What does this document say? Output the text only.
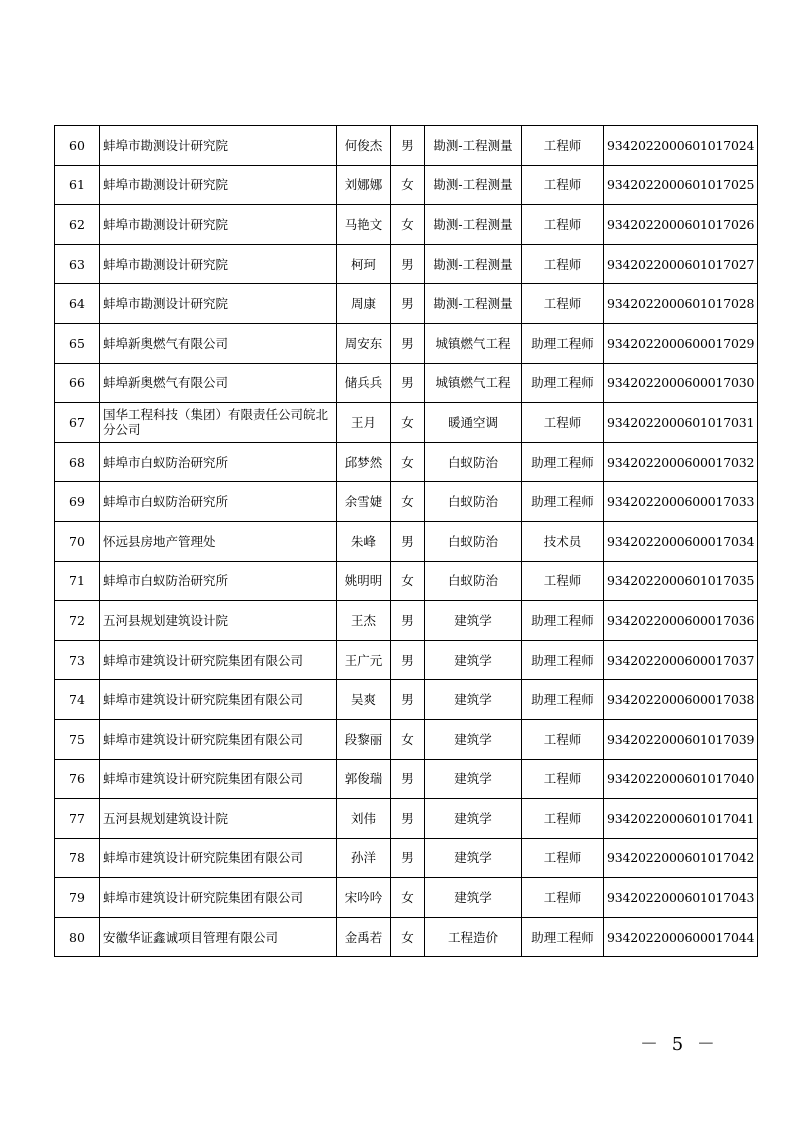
60	蚌埠市勘测设计研究院	何俊杰	男	勘测-工程测量	工程师	9342022000601017024
61	蚌埠市勘测设计研究院	刘娜娜	女	勘测-工程测量	工程师	9342022000601017025
62	蚌埠市勘测设计研究院	马艳文	女	勘测-工程测量	工程师	9342022000601017026
63	蚌埠市勘测设计研究院	柯珂	男	勘测-工程测量	工程师	9342022000601017027
64	蚌埠市勘测设计研究院	周康	男	勘测-工程测量	工程师	9342022000601017028
65	蚌埠新奥燃气有限公司	周安东	男	城镇燃气工程	助理工程师	9342022000600017029
66	蚌埠新奥燃气有限公司	储兵兵	男	城镇燃气工程	助理工程师	9342022000600017030
67	国华工程科技（集团）有限责任公司皖北分公司	王月	女	暖通空调	工程师	9342022000601017031
68	蚌埠市白蚁防治研究所	邱梦然	女	白蚁防治	助理工程师	9342022000600017032
69	蚌埠市白蚁防治研究所	余雪婕	女	白蚁防治	助理工程师	9342022000600017033
70	怀远县房地产管理处	朱峰	男	白蚁防治	技术员	9342022000600017034
71	蚌埠市白蚁防治研究所	姚明明	女	白蚁防治	工程师	9342022000601017035
72	五河县规划建筑设计院	王杰	男	建筑学	助理工程师	9342022000600017036
73	蚌埠市建筑设计研究院集团有限公司	王广元	男	建筑学	助理工程师	9342022000600017037
74	蚌埠市建筑设计研究院集团有限公司	吴爽	男	建筑学	助理工程师	9342022000600017038
75	蚌埠市建筑设计研究院集团有限公司	段黎丽	女	建筑学	工程师	9342022000601017039
76	蚌埠市建筑设计研究院集团有限公司	郭俊瑞	男	建筑学	工程师	9342022000601017040
77	五河县规划建筑设计院	刘伟	男	建筑学	工程师	9342022000601017041
78	蚌埠市建筑设计研究院集团有限公司	孙洋	男	建筑学	工程师	9342022000601017042
79	蚌埠市建筑设计研究院集团有限公司	宋吟吟	女	建筑学	工程师	9342022000601017043
80	安徽华证鑫诚项目管理有限公司	金禹若	女	工程造价	助理工程师	9342022000600017044
－ 5 －
